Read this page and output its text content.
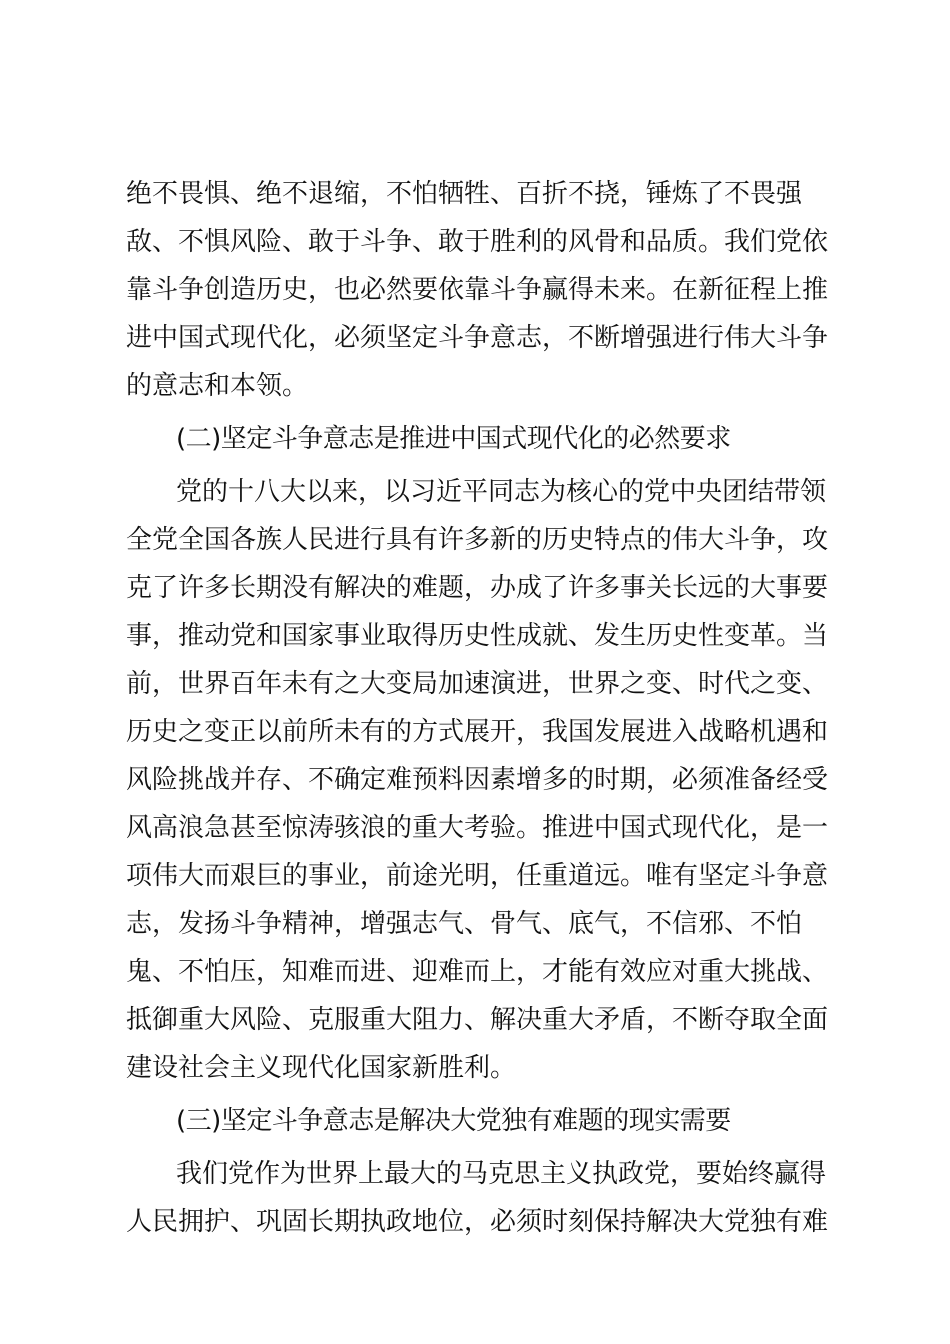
绝不畏惧、绝不退缩，不怕牺牲、百折不挠，锤炼了不畏强
敌、不惧风险、敢于斗争、敢于胜利的风骨和品质。我们党依
靠斗争创造历史，也必然要依靠斗争赢得未来。在新征程上推
进中国式现代化，必须坚定斗争意志，不断增强进行伟大斗争
的意志和本领。
(二)坚定斗争意志是推进中国式现代化的必然要求
党的十八大以来，以习近平同志为核心的党中央团结带领
全党全国各族人民进行具有许多新的历史特点的伟大斗争，攻
克了许多长期没有解决的难题，办成了许多事关长远的大事要
事，推动党和国家事业取得历史性成就、发生历史性变革。当
前，世界百年未有之大变局加速演进，世界之变、时代之变、
历史之变正以前所未有的方式展开，我国发展进入战略机遇和
风险挑战并存、不确定难预料因素增多的时期，必须准备经受
风高浪急甚至惊涛骇浪的重大考验。推进中国式现代化，是一
项伟大而艰巨的事业，前途光明，任重道远。唯有坚定斗争意
志，发扬斗争精神，增强志气、骨气、底气，不信邪、不怕
鬼、不怕压，知难而进、迎难而上，才能有效应对重大挑战、
抵御重大风险、克服重大阻力、解决重大矛盾，不断夺取全面
建设社会主义现代化国家新胜利。
(三)坚定斗争意志是解决大党独有难题的现实需要
我们党作为世界上最大的马克思主义执政党，要始终赢得
人民拥护、巩固长期执政地位，必须时刻保持解决大党独有难
